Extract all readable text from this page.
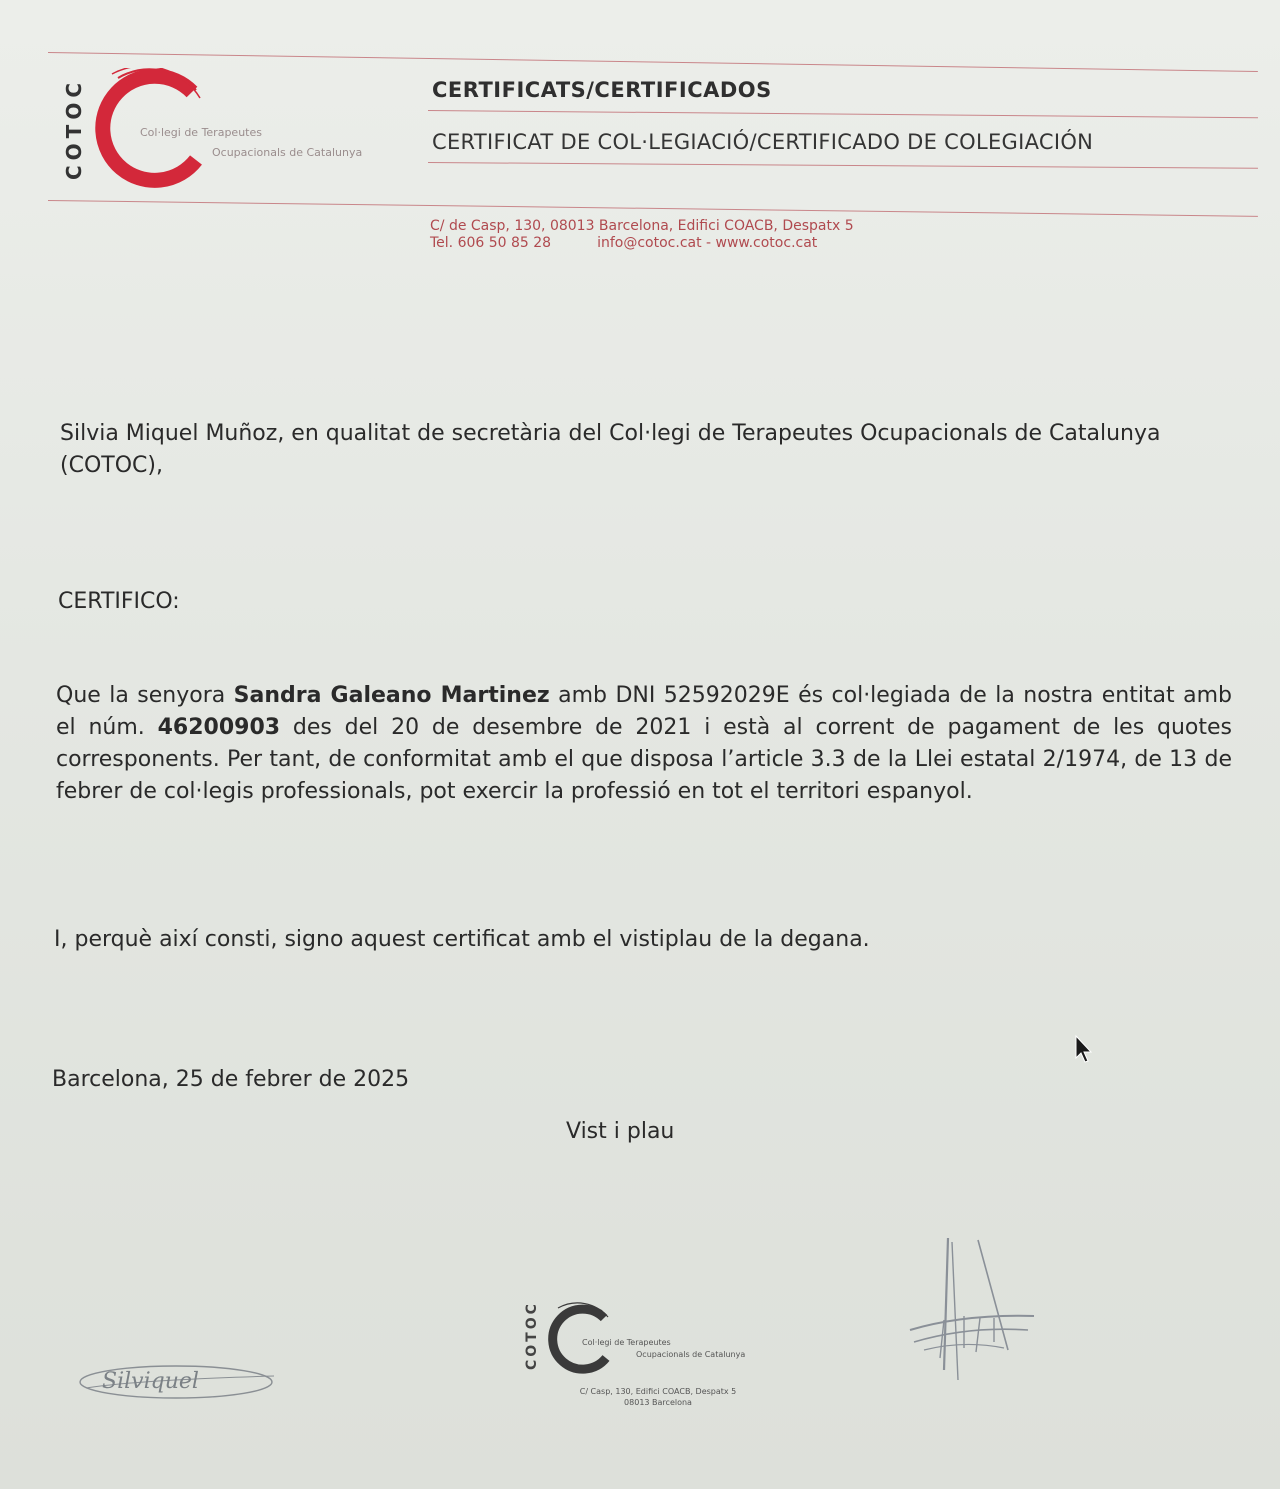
COTOC	Col·legi de Terapeutes
Ocupacionals de Catalunya
CERTIFICATS/CERTIFICADOS
CERTIFICAT DE COL·LEGIACIÓ/CERTIFICADO DE COLEGIACIÓN
C/ de Casp, 130, 08013 Barcelona, Edifici COACB, Despatx 5
Tel. 606 50 85 28	info@cotoc.cat - www.cotoc.cat
Silvia Miquel Muñoz, en qualitat de secretària del Col·legi de Terapeutes Ocupacionals de Catalunya
(COTOC),
CERTIFICO:
Que la senyora Sandra Galeano Martinez amb DNI 52592029E és col·legiada de la nostra entitat amb el núm. 46200903 des del 20 de desembre de 2021 i està al corrent de pagament de les quotes corresponents. Per tant, de conformitat amb el que disposa l’article 3.3 de la Llei estatal 2/1974, de 13 de febrer de col·legis professionals, pot exercir la professió en tot el territori espanyol.
I, perquè així consti, signo aquest certificat amb el vistiplau de la degana.
Barcelona, 25 de febrer de 2025
Vist i plau
Silviquel
COTOC	Col·legi de Terapeutes
Ocupacionals de Catalunya
C/ Casp, 130, Edifici COACB, Despatx 5
08013 Barcelona
